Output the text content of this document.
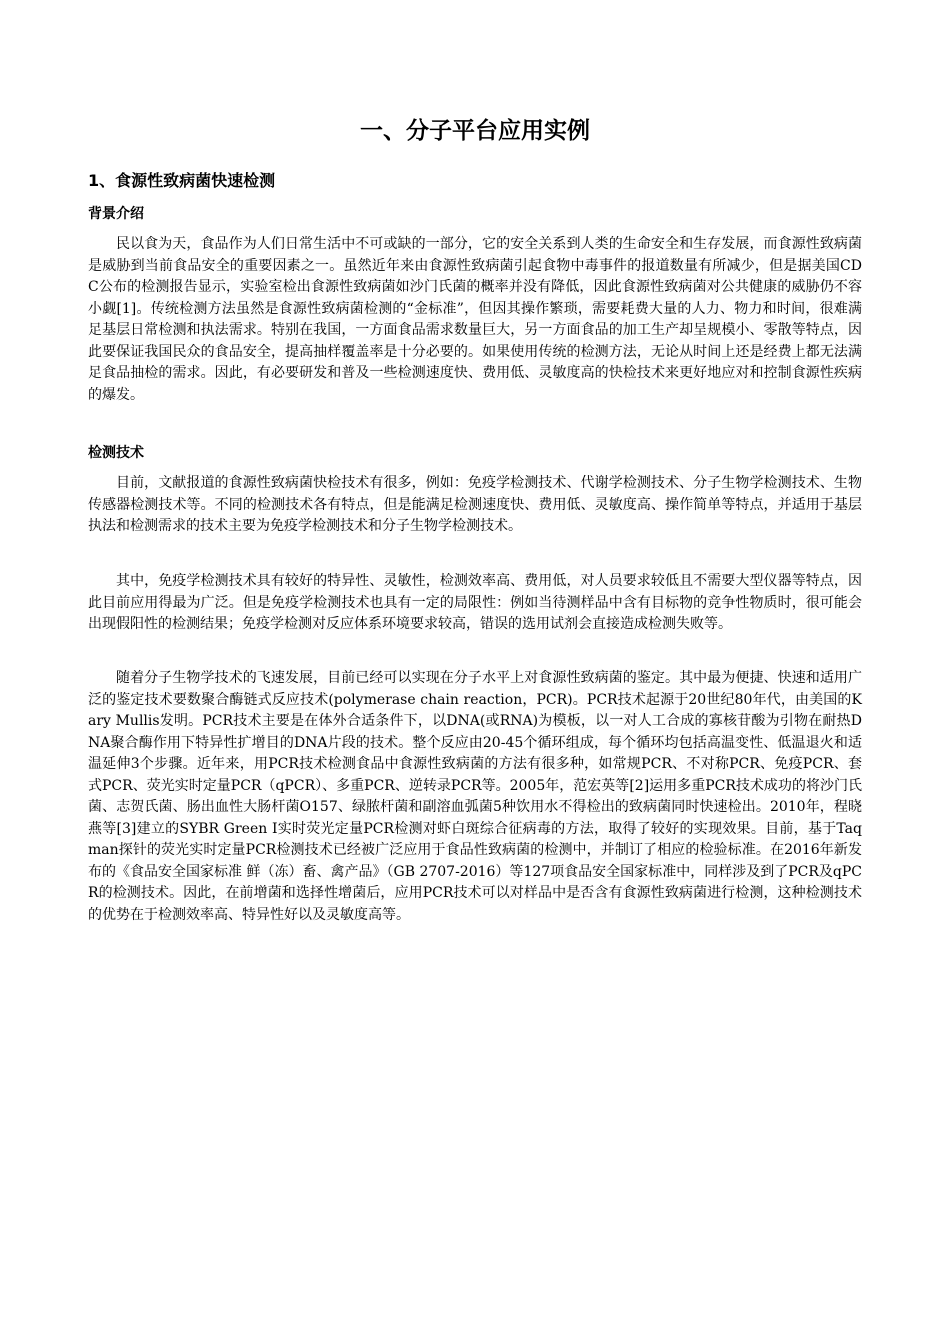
一、分子平台应用实例
1、食源性致病菌快速检测
背景介绍

民以食为天，食品作为人们日常生活中不可或缺的一部分，它的安全关系到人类的生命安全和生存发展，而食源性致病菌是威胁到当前食品安全的重要因素之一。虽然近年来由食源性致病菌引起食物中毒事件的报道数量有所减少，但是据美国CDC公布的检测报告显示，实验室检出食源性致病菌如沙门氏菌的概率并没有降低，因此食源性致病菌对公共健康的威胁仍不容小觑[1]。传统检测方法虽然是食源性致病菌检测的“金标准”，但因其操作繁琐，需要耗费大量的人力、物力和时间，很难满足基层日常检测和执法需求。特别在我国，一方面食品需求数量巨大，另一方面食品的加工生产却呈规模小、零散等特点，因此要保证我国民众的食品安全，提高抽样覆盖率是十分必要的。如果使用传统的检测方法，无论从时间上还是经费上都无法满足食品抽检的需求。因此，有必要研发和普及一些检测速度快、费用低、灵敏度高的快检技术来更好地应对和控制食源性疾病的爆发。

检测技术

目前，文献报道的食源性致病菌快检技术有很多，例如：免疫学检测技术、代谢学检测技术、分子生物学检测技术、生物传感器检测技术等。不同的检测技术各有特点，但是能满足检测速度快、费用低、灵敏度高、操作简单等特点，并适用于基层执法和检测需求的技术主要为免疫学检测技术和分子生物学检测技术。

其中，免疫学检测技术具有较好的特异性、灵敏性，检测效率高、费用低，对人员要求较低且不需要大型仪器等特点，因此目前应用得最为广泛。但是免疫学检测技术也具有一定的局限性：例如当待测样品中含有目标物的竞争性物质时，很可能会出现假阳性的检测结果；免疫学检测对反应体系环境要求较高，错误的选用试剂会直接造成检测失败等。

随着分子生物学技术的飞速发展，目前已经可以实现在分子水平上对食源性致病菌的鉴定。其中最为便捷、快速和适用广泛的鉴定技术要数聚合酶链式反应技术(polymerase chain reaction，PCR)。PCR技术起源于20世纪80年代，由美国的Kary Mullis发明。PCR技术主要是在体外合适条件下，以DNA(或RNA)为模板，以一对人工合成的寡核苷酸为引物在耐热DNA聚合酶作用下特异性扩增目的DNA片段的技术。整个反应由20-45个循环组成，每个循环均包括高温变性、低温退火和适温延伸3个步骤。近年来，用PCR技术检测食品中食源性致病菌的方法有很多种，如常规PCR、不对称PCR、免疫PCR、套式PCR、荧光实时定量PCR（qPCR）、多重PCR、逆转录PCR等。2005年，范宏英等[2]运用多重PCR技术成功的将沙门氏菌、志贺氏菌、肠出血性大肠杆菌O157、绿脓杆菌和副溶血弧菌5种饮用水不得检出的致病菌同时快速检出。2010年，程晓燕等[3]建立的SYBR Green I实时荧光定量PCR检测对虾白斑综合征病毒的方法，取得了较好的实现效果。目前，基于Taqman探针的荧光实时定量PCR检测技术已经被广泛应用于食品性致病菌的检测中，并制订了相应的检验标准。在2016年新发布的《食品安全国家标准 鲜（冻）畜、禽产品》（GB 2707-2016）等127项食品安全国家标准中，同样涉及到了PCR及qPCR的检测技术。因此，在前增菌和选择性增菌后，应用PCR技术可以对样品中是否含有食源性致病菌进行检测，这种检测技术的优势在于检测效率高、特异性好以及灵敏度高等。
